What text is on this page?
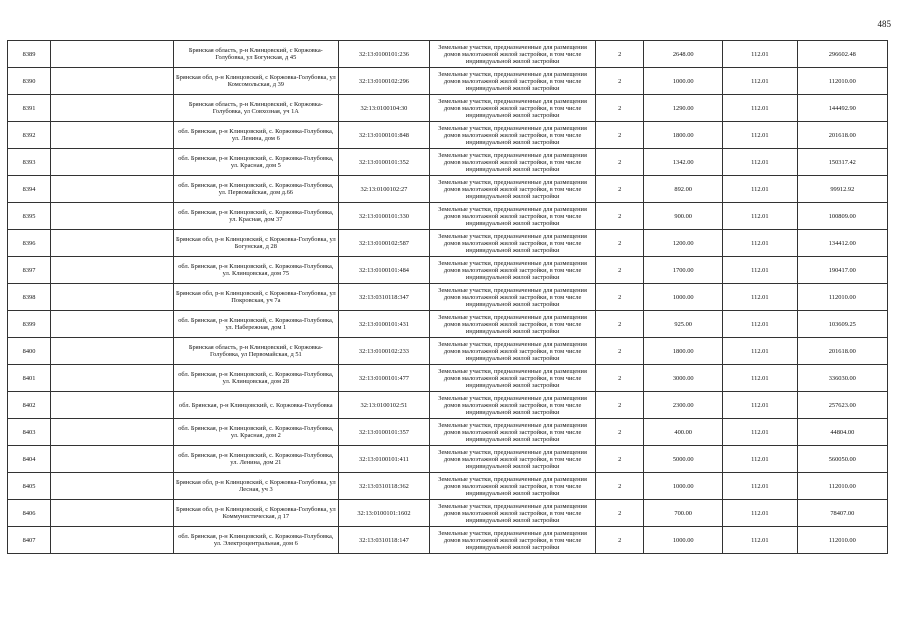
485
8389		Брянская область, р-н Клинцовский, с Коржовка-Голубовка, ул Богунская, д 45	32:13:0100101:236	Земельные участки, предназначенные для размещения домов малоэтажной жилой застройки, в том числе индивидуальной жилой застройки	2	2648.00	112.01	296602.48
8390		Брянская обл, р-н Клинцовский, с Коржовка-Голубовка, ул Комсомольская, д 39	32:13:0100102:296	Земельные участки, предназначенные для размещения домов малоэтажной жилой застройки, в том числе индивидуальной жилой застройки	2	1000.00	112.01	112010.00
8391		Брянская область, р-н Клинцовский, с Коржовка-Голубовка, ул Совхозная, уч 1А	32:13:0100104:30	Земельные участки, предназначенные для размещения домов малоэтажной жилой застройки, в том числе индивидуальной жилой застройки	2	1290.00	112.01	144492.90
8392		обл. Брянская, р-н Клинцовский, с. Коржовка-Голубовка, ул. Ленина, дом 6	32:13:0100101:848	Земельные участки, предназначенные для размещения домов малоэтажной жилой застройки, в том числе индивидуальной жилой застройки	2	1800.00	112.01	201618.00
8393		обл. Брянская, р-н Клинцовский, с. Коржовка-Голубовка, ул. Красная, дом 5	32:13:0100101:352	Земельные участки, предназначенные для размещения домов малоэтажной жилой застройки, в том числе индивидуальной жилой застройки	2	1342.00	112.01	150317.42
8394		обл. Брянская, р-н Клинцовский, с. Коржовка-Голубовка, ул. Первомайская, дом д.66	32:13:0100102:27	Земельные участки, предназначенные для размещения домов малоэтажной жилой застройки, в том числе индивидуальной жилой застройки	2	892.00	112.01	99912.92
8395		обл. Брянская, р-н Клинцовский, с. Коржовка-Голубовка, ул. Красная, дом 37	32:13:0100101:330	Земельные участки, предназначенные для размещения домов малоэтажной жилой застройки, в том числе индивидуальной жилой застройки	2	900.00	112.01	100809.00
8396		Брянская обл, р-н Клинцовский, с Коржовка-Голубовка, ул Богунская, д 28	32:13:0100102:587	Земельные участки, предназначенные для размещения домов малоэтажной жилой застройки, в том числе индивидуальной жилой застройки	2	1200.00	112.01	134412.00
8397		обл. Брянская, р-н Клинцовский, с. Коржовка-Голубовка, ул. Клинцовская, дом 75	32:13:0100101:484	Земельные участки, предназначенные для размещения домов малоэтажной жилой застройки, в том числе индивидуальной жилой застройки	2	1700.00	112.01	190417.00
8398		Брянская обл, р-н Клинцовский, с Коржовка-Голубовка, ул Покровская, уч 7а	32:13:0310118:347	Земельные участки, предназначенные для размещения домов малоэтажной жилой застройки, в том числе индивидуальной жилой застройки	2	1000.00	112.01	112010.00
8399		обл. Брянская, р-н Клинцовский, с. Коржовка-Голубовка, ул. Набережная, дом 1	32:13:0100101:431	Земельные участки, предназначенные для размещения домов малоэтажной жилой застройки, в том числе индивидуальной жилой застройки	2	925.00	112.01	103609.25
8400		Брянская область, р-н Клинцовский, с Коржовка-Голубовка, ул Первомайская, д 51	32:13:0100102:233	Земельные участки, предназначенные для размещения домов малоэтажной жилой застройки, в том числе индивидуальной жилой застройки	2	1800.00	112.01	201618.00
8401		обл. Брянская, р-н Клинцовский, с. Коржовка-Голубовка, ул. Клинцовская, дом 28	32:13:0100101:477	Земельные участки, предназначенные для размещения домов малоэтажной жилой застройки, в том числе индивидуальной жилой застройки	2	3000.00	112.01	336030.00
8402		обл. Брянская, р-н Клинцовский, с. Коржовка-Голубовка	32:13:0100102:51	Земельные участки, предназначенные для размещения домов малоэтажной жилой застройки, в том числе индивидуальной жилой застройки	2	2300.00	112.01	257623.00
8403		обл. Брянская, р-н Клинцовский, с. Коржовка-Голубовка, ул. Красная, дом 2	32:13:0100101:357	Земельные участки, предназначенные для размещения домов малоэтажной жилой застройки, в том числе индивидуальной жилой застройки	2	400.00	112.01	44804.00
8404		обл. Брянская, р-н Клинцовский, с. Коржовка-Голубовка, ул. Ленина, дом 21	32:13:0100101:411	Земельные участки, предназначенные для размещения домов малоэтажной жилой застройки, в том числе индивидуальной жилой застройки	2	5000.00	112.01	560050.00
8405		Брянская обл, р-н Клинцовский, с Коржовка-Голубовка, ул Лесная, уч 3	32:13:0310118:362	Земельные участки, предназначенные для размещения домов малоэтажной жилой застройки, в том числе индивидуальной жилой застройки	2	1000.00	112.01	112010.00
8406		Брянская обл, р-н Клинцовский, с Коржовка-Голубовка, ул Коммунистическая, д 17	32:13:0100101:1602	Земельные участки, предназначенные для размещения домов малоэтажной жилой застройки, в том числе индивидуальной жилой застройки	2	700.00	112.01	78407.00
8407		обл. Брянская, р-н Клинцовский, с. Коржовка-Голубовка, ул. Электроцентральная, дом 6	32:13:0310118:147	Земельные участки, предназначенные для размещения домов малоэтажной жилой застройки, в том числе индивидуальной жилой застройки	2	1000.00	112.01	112010.00
